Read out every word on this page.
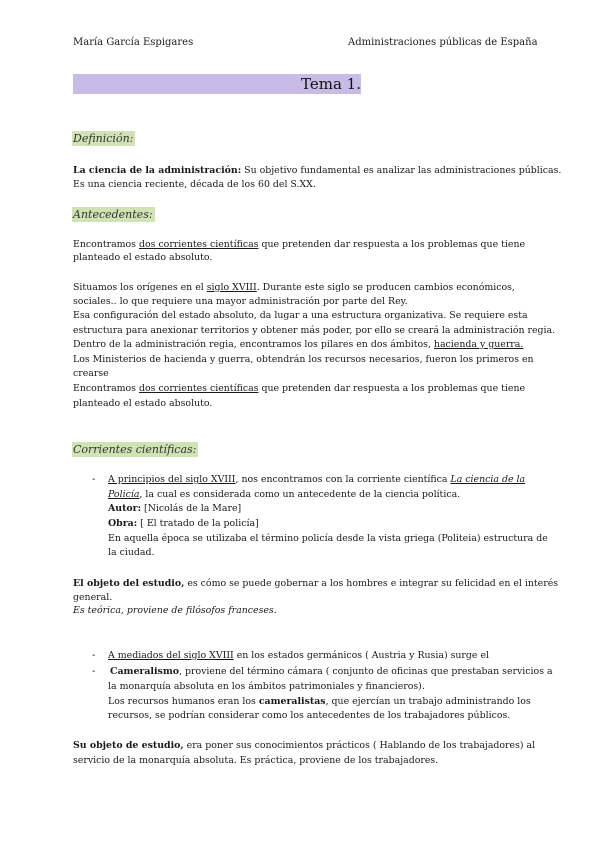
María García Espigares	Administraciones públicas de España
Tema 1.
Definición:
La ciencia de la administración: Su objetivo fundamental es analizar las administraciones públicas.
Es una ciencia reciente, década de los 60 del S.XX.
Antecedentes:
Encontramos dos corrientes científicas que pretenden dar respuesta a los problemas que tiene
planteado el estado absoluto.
Situamos los orígenes en el siglo XVIII. Durante este siglo se producen cambios económicos,
sociales.. lo que requiere una mayor administración por parte del Rey.
Esa configuración del estado absoluto, da lugar a una estructura organizativa. Se requiere esta
estructura para anexionar territorios y obtener más poder, por ello se creará la administración regia.
Dentro de la administración regia, encontramos los pilares en dos ámbitos, hacienda y guerra.
Los Ministerios de hacienda y guerra, obtendrán los recursos necesarios, fueron los primeros en
crearse
Encontramos dos corrientes científicas que pretenden dar respuesta a los problemas que tiene
planteado el estado absoluto.
Corrientes científicas:
- A principios del siglo XVIII, nos encontramos con la corriente científica La ciencia de la
Policía, la cual es considerada como un antecedente de la ciencia política.
Autor: [Nicolás de la Mare]
Obra: [ El tratado de la policía]
En aquella época se utilizaba el término policía desde la vista griega (Politeia) estructura de
la ciudad.
El objeto del estudio, es cómo se puede gobernar a los hombres e integrar su felicidad en el interés
general.
Es teórica, proviene de filósofos franceses.
- A mediados del siglo XVIII en los estados germánicos ( Austria y Rusia) surge el
- Cameralismo, proviene del término cámara ( conjunto de oficinas que prestaban servicios a
la monarquía absoluta en los ámbitos patrimoniales y financieros).
Los recursos humanos eran los cameralistas, que ejercían un trabajo administrando los
recursos, se podrían considerar como los antecedentes de los trabajadores públicos.
Su objeto de estudio, era poner sus conocimientos prácticos ( Hablando de los trabajadores) al
servicio de la monarquía absoluta. Es práctica, proviene de los trabajadores.
